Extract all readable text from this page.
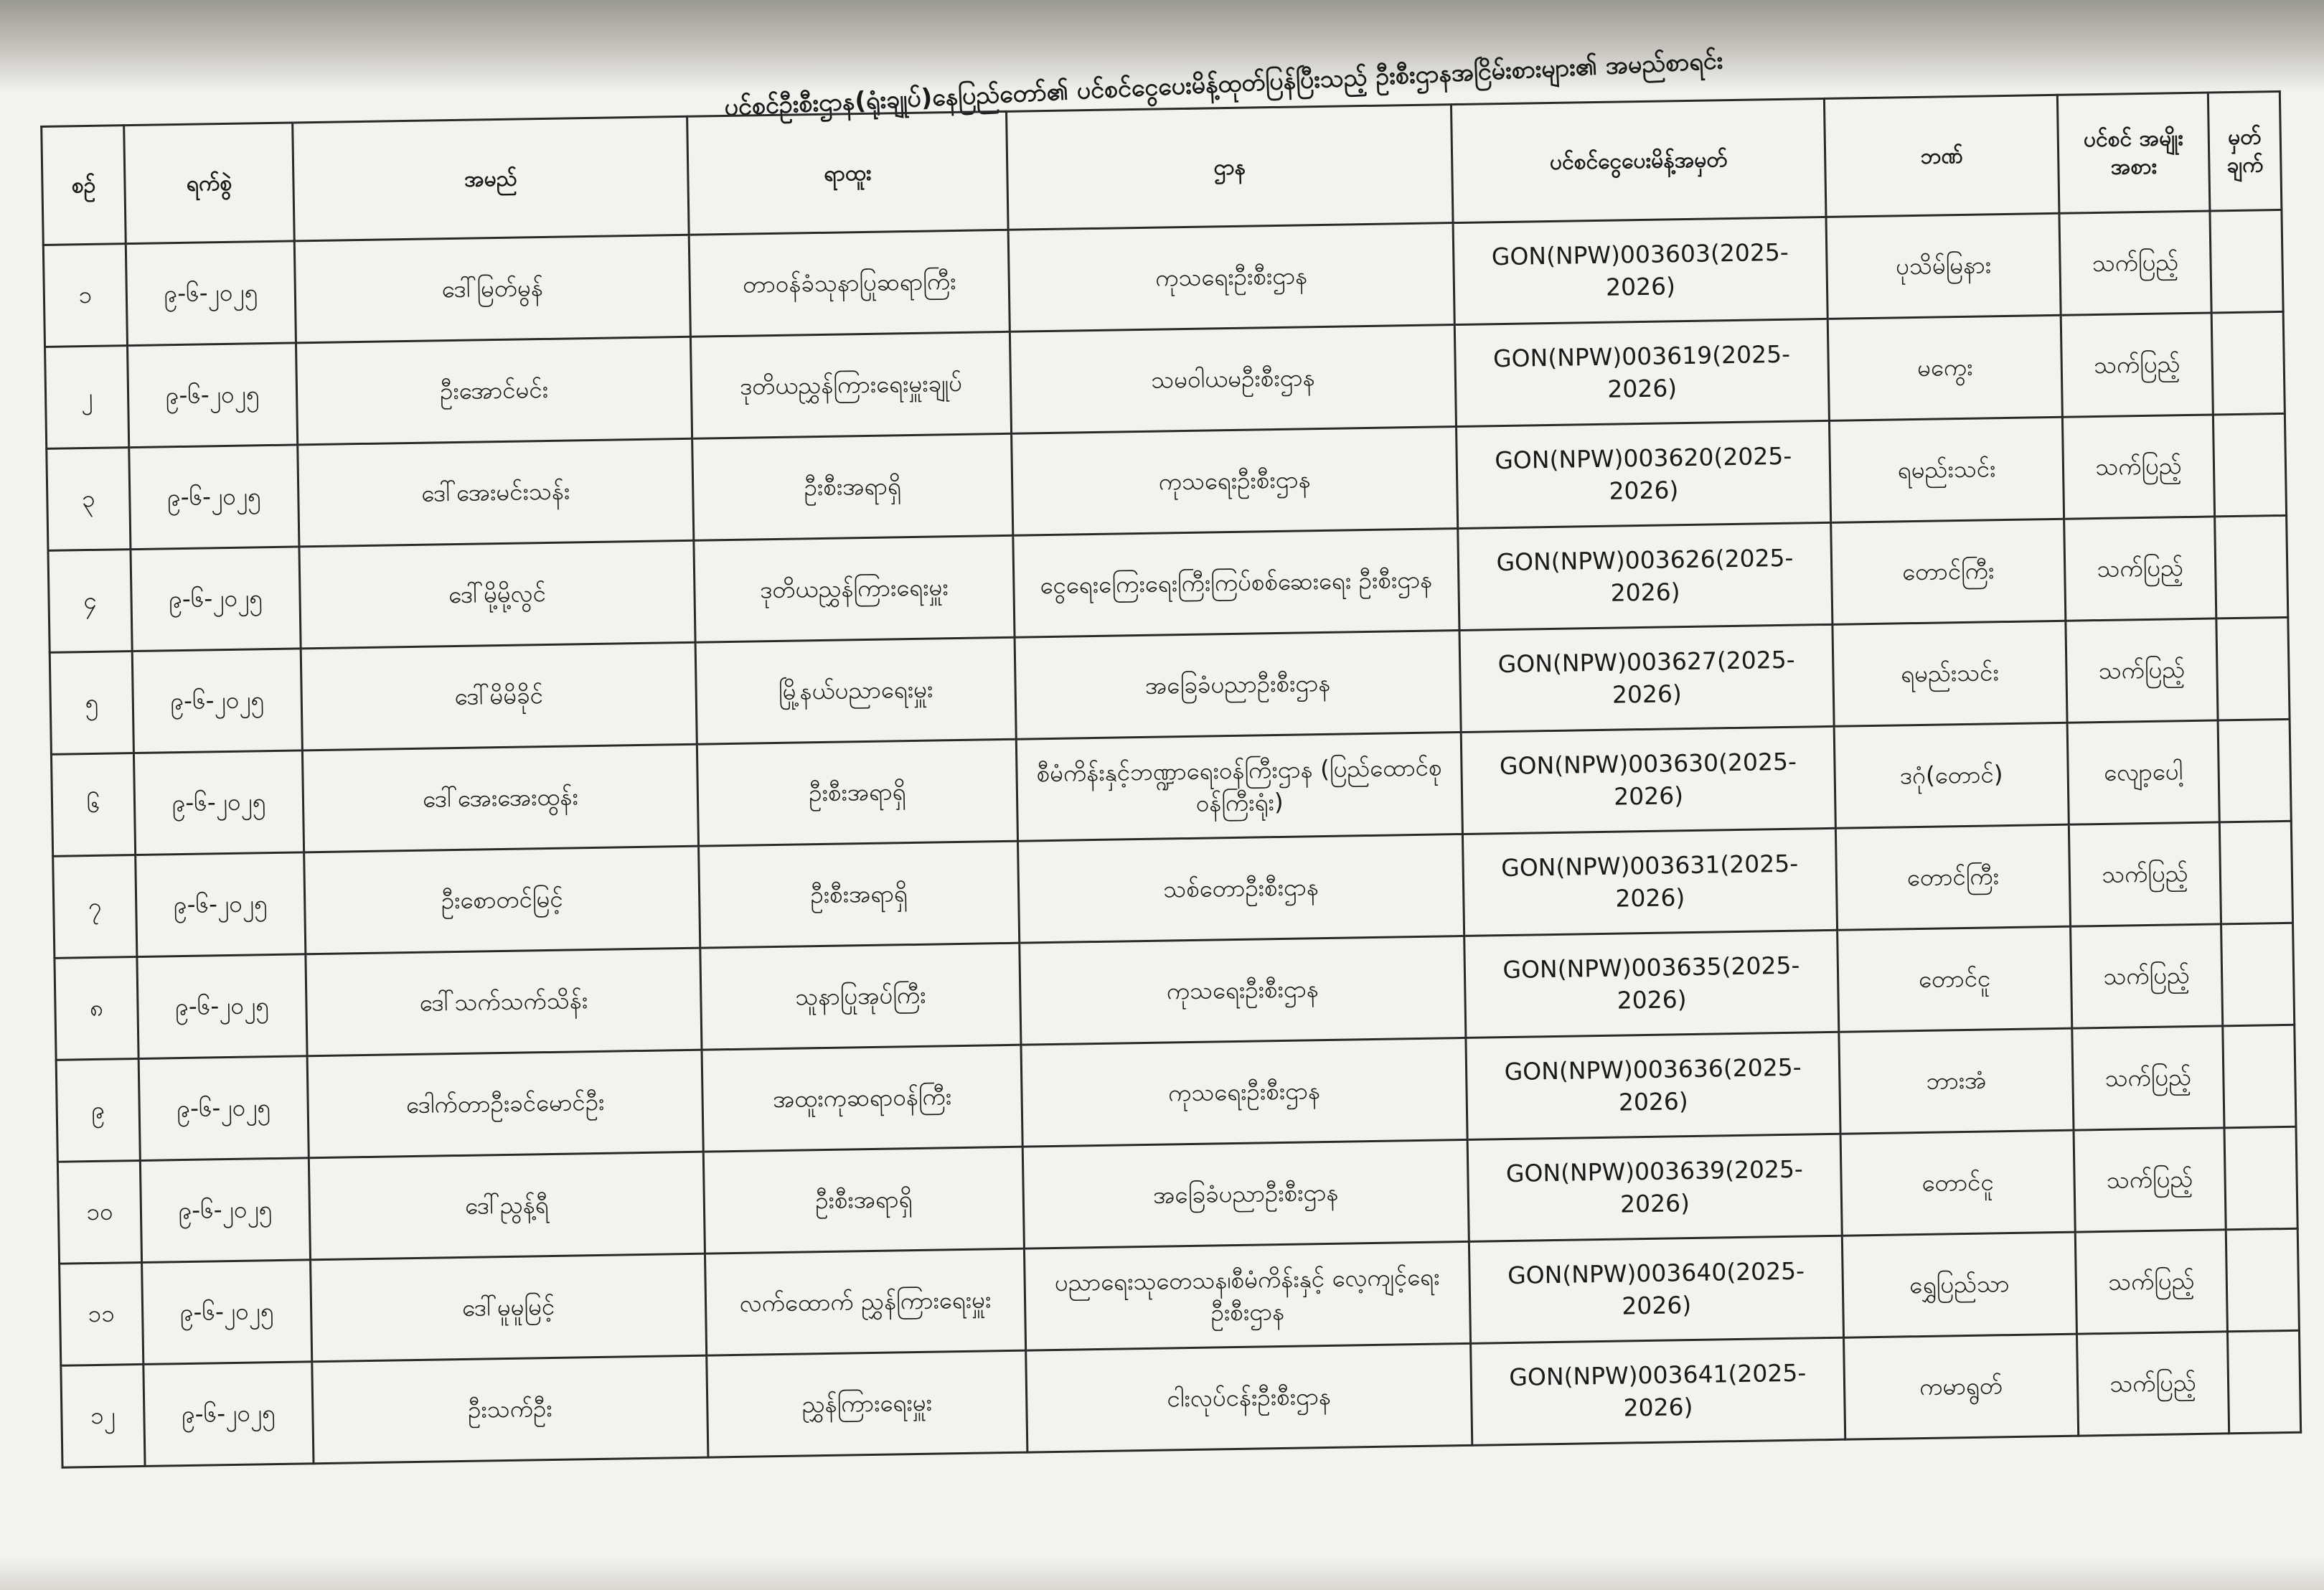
ပင်စင်ဦးစီးဌာန(ရုံးချုပ်)နေပြည်တော်၏ ပင်စင်ငွေပေးမိန့်ထုတ်ပြန်ပြီးသည့် ဦးစီးဌာနအငြိမ်းစားများ၏ အမည်စာရင်း
စဉ်	ရက်စွဲ	အမည်	ရာထူး	ဌာန	ပင်စင်ငွေပေးမိန့်အမှတ်	ဘဏ်	ပင်စင် အမျိုးအစား	မှတ် ချက်
၁	၉-၆-၂၀၂၅	ဒေါ်မြတ်မွန်	တာဝန်ခံသုနာပြုဆရာကြီး	ကုသရေးဦးစီးဌာန	GON(NPW)003603(2025-2026)	ပုသိမ်မြနား	သက်ပြည့်	
၂	၉-၆-၂၀၂၅	ဦးအောင်မင်း	ဒုတိယညွှန်ကြားရေးမှူးချုပ်	သမဝါယမဦးစီးဌာန	GON(NPW)003619(2025-2026)	မကွေး	သက်ပြည့်	
၃	၉-၆-၂၀၂၅	ဒေါ်အေးမင်းသန်း	ဦးစီးအရာရှိ	ကုသရေးဦးစီးဌာန	GON(NPW)003620(2025-2026)	ရမည်းသင်း	သက်ပြည့်	
၄	၉-၆-၂၀၂၅	ဒေါ်မို့မို့လွင်	ဒုတိယညွှန်ကြားရေးမှူး	ငွေရေးကြေးရေးကြီးကြပ်စစ်ဆေးရေး ဦးစီးဌာန	GON(NPW)003626(2025-2026)	တောင်ကြီး	သက်ပြည့်	
၅	၉-၆-၂၀၂၅	ဒေါ်မိမိခိုင်	မြို့နယ်ပညာရေးမှူး	အခြေခံပညာဦးစီးဌာန	GON(NPW)003627(2025-2026)	ရမည်းသင်း	သက်ပြည့်	
၆	၉-၆-၂၀၂၅	ဒေါ်အေးအေးထွန်း	ဦးစီးအရာရှိ	စီမံကိန်းနှင့်ဘဏ္ဍာရေးဝန်ကြီးဌာန (ပြည်ထောင်စုဝန်ကြီးရုံး)	GON(NPW)003630(2025-2026)	ဒဂုံ(တောင်)	လျော့ပေါ့	
၇	၉-၆-၂၀၂၅	ဦးစောတင်မြင့်	ဦးစီးအရာရှိ	သစ်တောဦးစီးဌာန	GON(NPW)003631(2025-2026)	တောင်ကြီး	သက်ပြည့်	
၈	၉-၆-၂၀၂၅	ဒေါ်သက်သက်သိန်း	သူနာပြုအုပ်ကြီး	ကုသရေးဦးစီးဌာန	GON(NPW)003635(2025-2026)	တောင်ငူ	သက်ပြည့်	
၉	၉-၆-၂၀၂၅	ဒေါက်တာဦးခင်မောင်ဦး	အထူးကုဆရာဝန်ကြီး	ကုသရေးဦးစီးဌာန	GON(NPW)003636(2025-2026)	ဘားအံ	သက်ပြည့်	
၁၀	၉-၆-၂၀၂၅	ဒေါ်ညွန့်ရီ	ဦးစီးအရာရှိ	အခြေခံပညာဦးစီးဌာန	GON(NPW)003639(2025-2026)	တောင်ငူ	သက်ပြည့်	
၁၁	၉-၆-၂၀၂၅	ဒေါ်မူမူမြင့်	လက်ထောက် ညွှန်ကြားရေးမှူး	ပညာရေးသုတေသန၊စီမံကိန်းနှင့် လေ့ကျင့်ရေးဦးစီးဌာန	GON(NPW)003640(2025-2026)	ရွှေပြည်သာ	သက်ပြည့်	
၁၂	၉-၆-၂၀၂၅	ဦးသက်ဦး	ညွှန်ကြားရေးမှူး	ငါးလုပ်ငန်းဦးစီးဌာန	GON(NPW)003641(2025-2026)	ကမာရွတ်	သက်ပြည့်	
